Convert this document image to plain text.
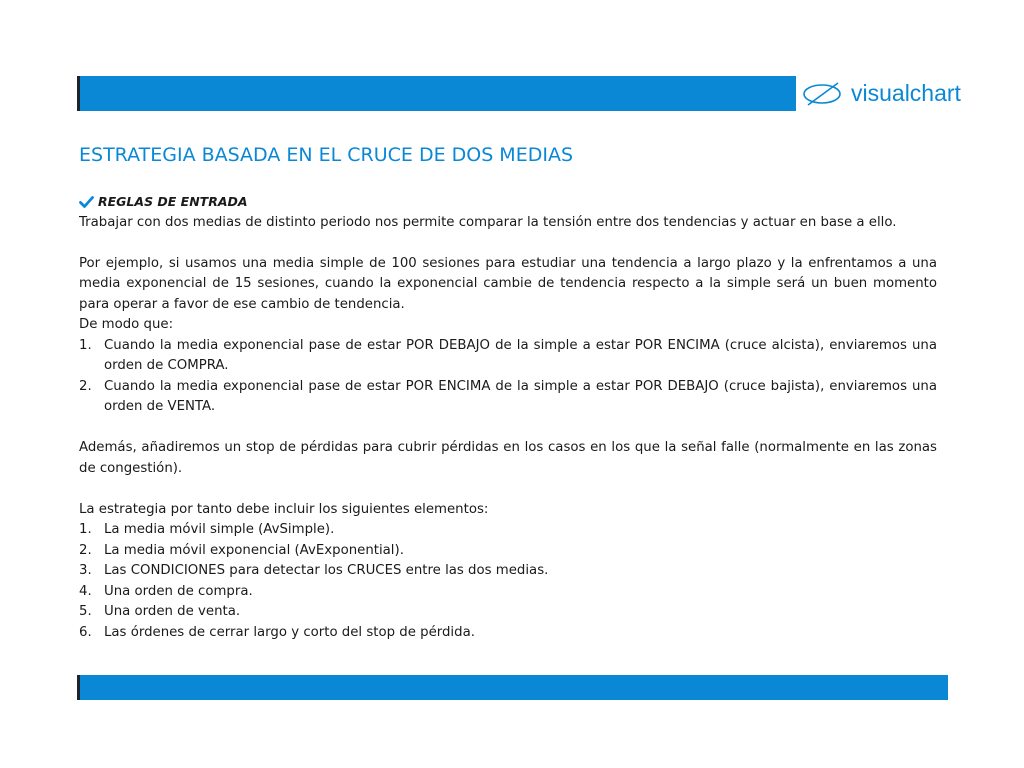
visualchart
ESTRATEGIA BASADA EN EL CRUCE DE DOS MEDIAS
REGLAS DE ENTRADA

Trabajar con dos medias de distinto periodo nos permite comparar la tensión entre dos tendencias y actuar en base a ello.

Por ejemplo, si usamos una media simple de 100 sesiones para estudiar una tendencia a largo plazo y la enfrentamos a una media exponencial de 15 sesiones, cuando la exponencial cambie de tendencia respecto a la simple será un buen momento para operar a favor de ese cambio de tendencia.

De modo que:

1. Cuando la media exponencial pase de estar POR DEBAJO de la simple a estar POR ENCIMA (cruce alcista), enviaremos una orden de COMPRA.
2. Cuando la media exponencial pase de estar POR ENCIMA de la simple a estar POR DEBAJO (cruce bajista), enviaremos una orden de VENTA.

Además, añadiremos un stop de pérdidas para cubrir pérdidas en los casos en los que la señal falle (normalmente en las zonas de congestión).

La estrategia por tanto debe incluir los siguientes elementos:

1. La media móvil simple (AvSimple).
2. La media móvil exponencial (AvExponential).
3. Las CONDICIONES para detectar los CRUCES entre las dos medias.
4. Una orden de compra.
5. Una orden de venta.
6. Las órdenes de cerrar largo y corto del stop de pérdida.
